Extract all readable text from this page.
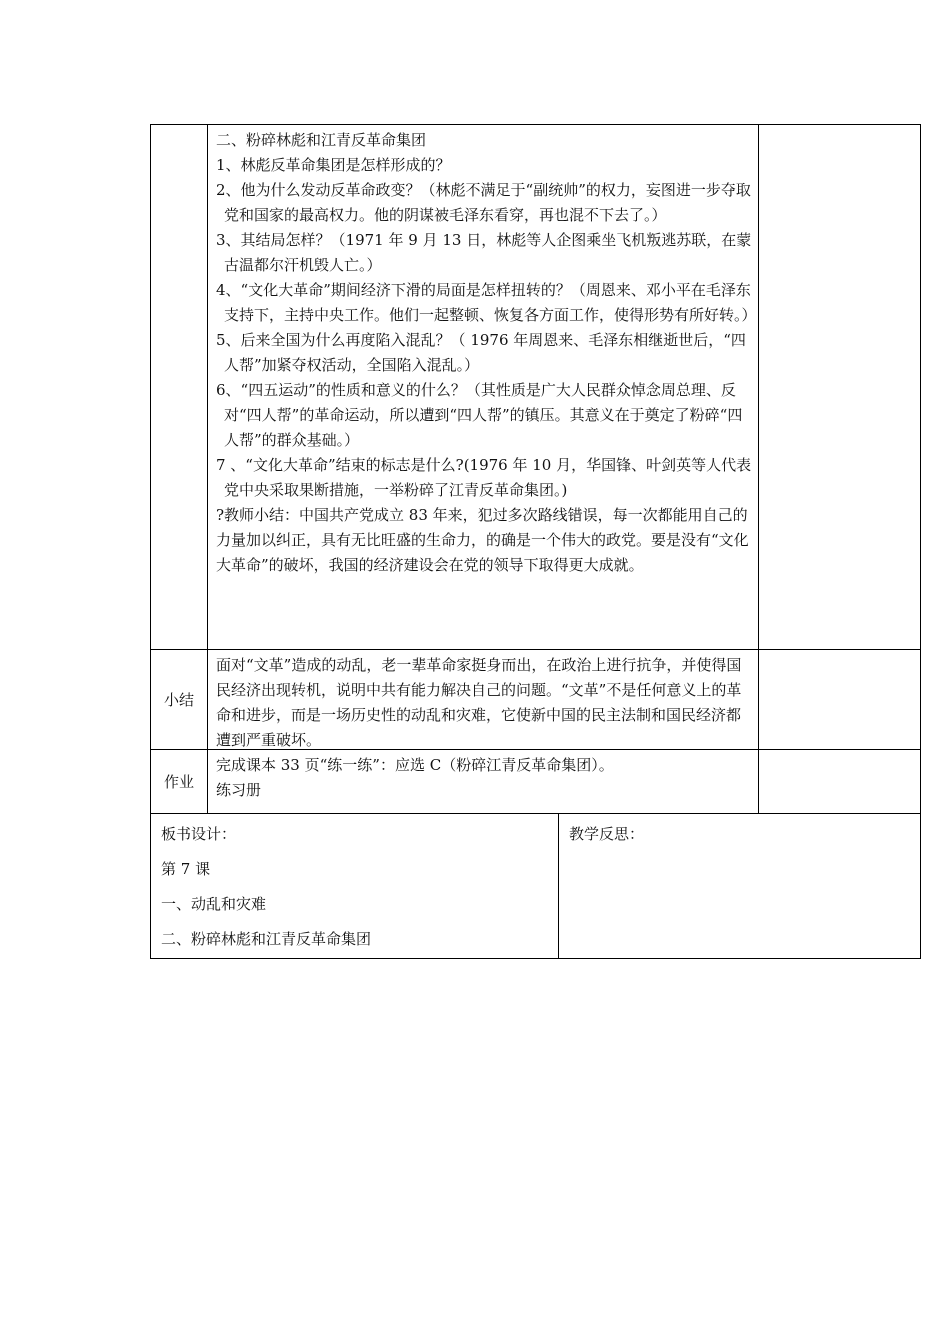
二、粉碎林彪和江青反革命集团

1、林彪反革命集团是怎样形成的？

2、他为什么发动反革命政变？（林彪不满足于“副统帅”的权力，妄图进一步夺取党和国家的最高权力。他的阴谋被毛泽东看穿，再也混不下去了。）

3、其结局怎样？（1971 年 9 月 13 日，林彪等人企图乘坐飞机叛逃苏联，在蒙古温都尔汗机毁人亡。）

4、“文化大革命”期间经济下滑的局面是怎样扭转的？（周恩来、邓小平在毛泽东支持下，主持中央工作。他们一起整顿、恢复各方面工作，使得形势有所好转。）

5、后来全国为什么再度陷入混乱？（ 1976 年周恩来、毛泽东相继逝世后，“四人帮”加紧夺权活动，全国陷入混乱。）

6、“四五运动”的性质和意义的什么？（其性质是广大人民群众悼念周总理、反对“四人帮”的革命运动，所以遭到“四人帮”的镇压。其意义在于奠定了粉碎“四人帮”的群众基础。）

7 、“文化大革命”结束的标志是什么?(1976 年 10 月，华国锋、叶剑英等人代表党中央采取果断措施，一举粉碎了江青反革命集团。)

?教师小结：中国共产党成立 83 年来，犯过多次路线错误，每一次都能用自己的力量加以纠正，具有无比旺盛的生命力，的确是一个伟大的政党。要是没有“文化大革命”的破坏，我国的经济建设会在党的领导下取得更大成就。

小结
面对“文革”造成的动乱，老一辈革命家挺身而出，在政治上进行抗争，并使得国民经济出现转机，说明中共有能力解决自己的问题。“文革”不是任何意义上的革命和进步，而是一场历史性的动乱和灾难，它使新中国的民主法制和国民经济都遭到严重破坏。
作业

完成课本 33 页“练一练”：应选 C（粉碎江青反革命集团）。

练习册

板书设计：
第 7 课
一、动乱和灾难
二、粉碎林彪和江青反革命集团
教学反思：
